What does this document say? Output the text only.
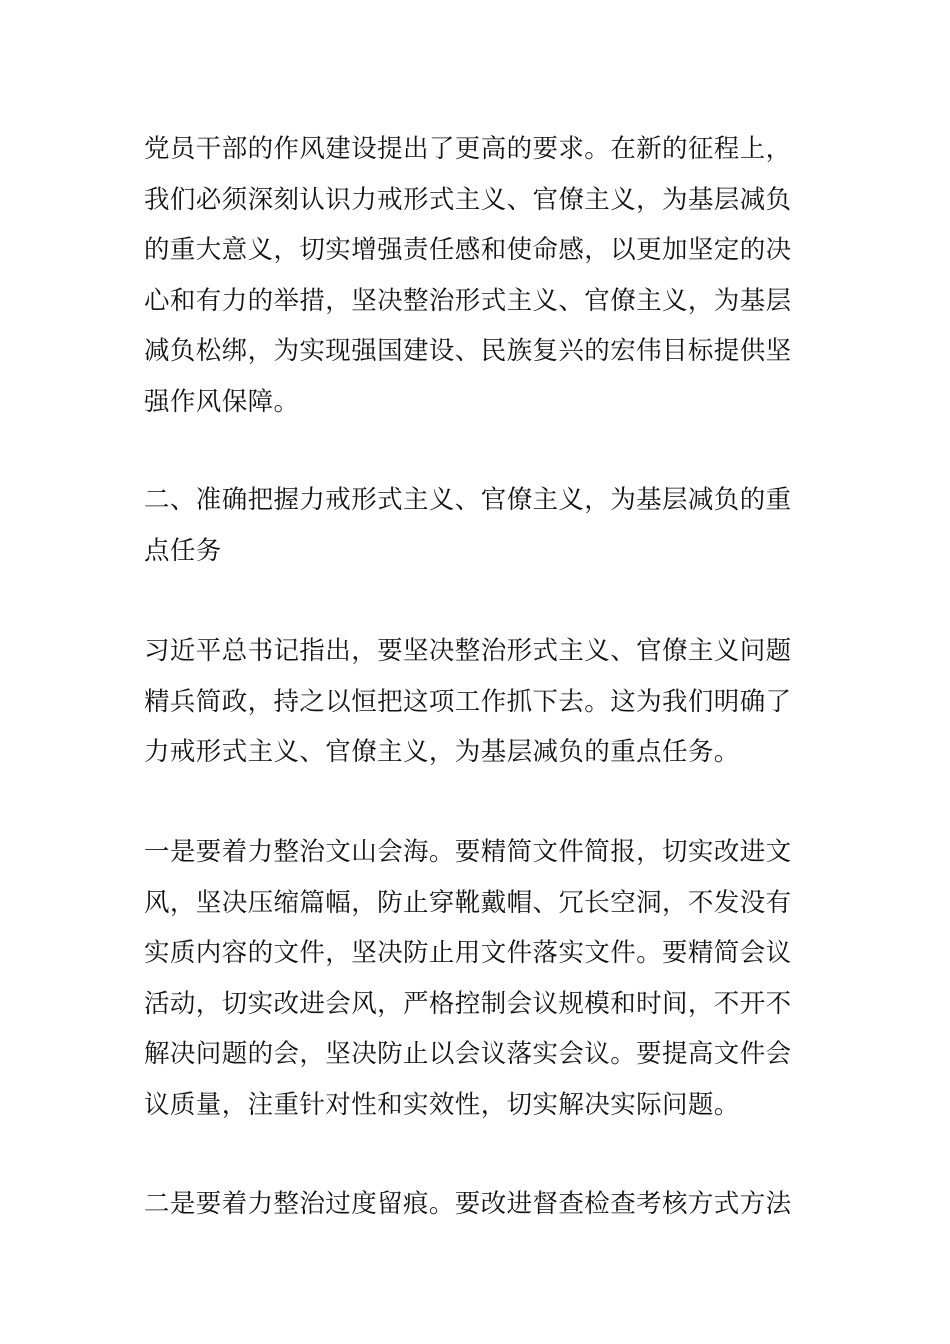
党员干部的作风建设提出了更高的要求。在新的征程上，
我们必须深刻认识力戒形式主义、官僚主义，为基层减负
的重大意义，切实增强责任感和使命感，以更加坚定的决
心和有力的举措，坚决整治形式主义、官僚主义，为基层
减负松绑，为实现强国建设、民族复兴的宏伟目标提供坚
强作风保障。

二、准确把握力戒形式主义、官僚主义，为基层减负的重
点任务

习近平总书记指出，要坚决整治形式主义、官僚主义问题
精兵简政，持之以恒把这项工作抓下去。这为我们明确了
力戒形式主义、官僚主义，为基层减负的重点任务。

一是要着力整治文山会海。要精简文件简报，切实改进文
风，坚决压缩篇幅，防止穿靴戴帽、冗长空洞，不发没有
实质内容的文件，坚决防止用文件落实文件。要精简会议
活动，切实改进会风，严格控制会议规模和时间，不开不
解决问题的会，坚决防止以会议落实会议。要提高文件会
议质量，注重针对性和实效性，切实解决实际问题。

二是要着力整治过度留痕。要改进督查检查考核方式方法
